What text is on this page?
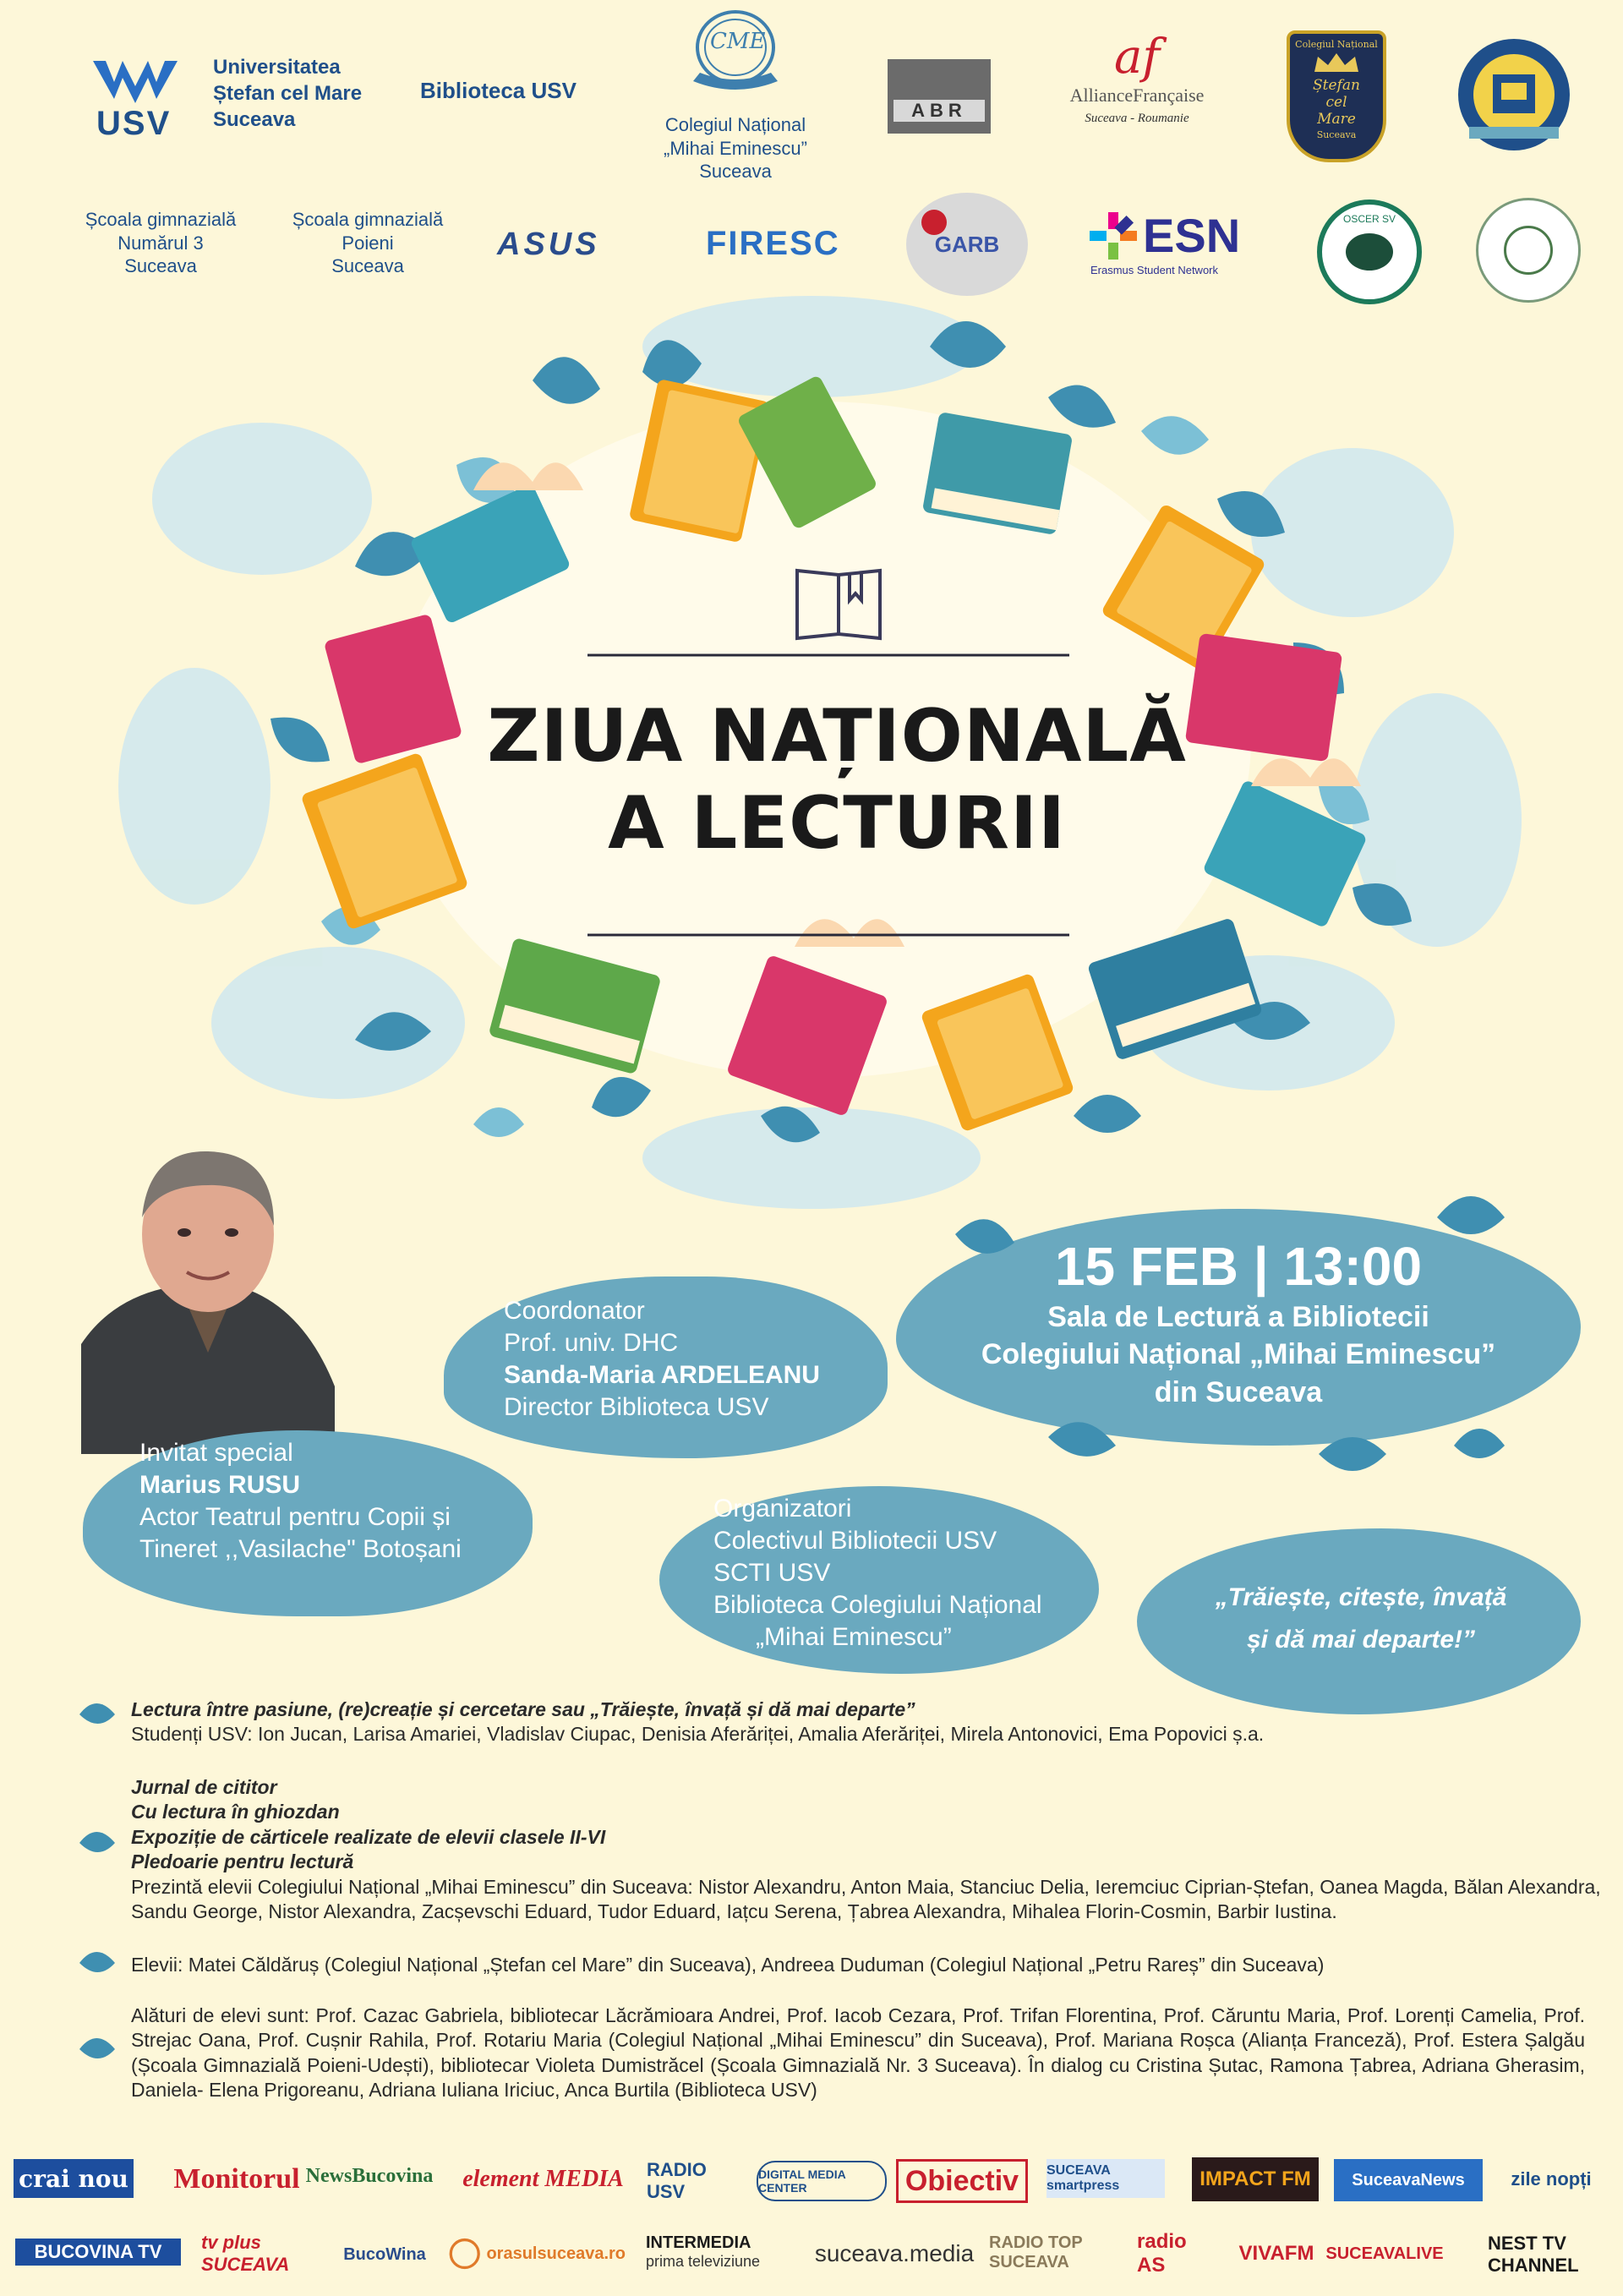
USV
Universitatea
Ștefan cel Mare
Suceava
Biblioteca USV
CME
Colegiul Național
„Mihai Eminescu”
Suceava
ABR
af
AllianceFrançaise
Suceava - Roumanie
Colegiul Național
Ștefan
cel
Mare
Suceava
Școala gimnazială
Numărul 3
Suceava
Școala gimnazială
Poieni
Suceava
ASUS	FIRESC	GARB	ESN
Erasmus Student Network
OSCER SV
ZIUA NAȚIONALĂ
A LECTURII
Coordonator
Prof. univ. DHC
Sanda-Maria ARDELEANU
Director Biblioteca USV
15 FEB | 13:00
Sala de Lectură a Bibliotecii
Colegiului Național „Mihai Eminescu”
din Suceava
Invitat special
Marius RUSU
Actor Teatrul pentru Copii și
Tineret ,,Vasilache" Botoșani
Organizatori
Colectivul Bibliotecii USV
SCTI USV
Biblioteca Colegiului Național
„Mihai Eminescu”
„Trăiește, citește, învață
și dă mai departe!”
Lectura între pasiune, (re)creație și cercetare sau „Trăiește, învață și dă mai departe”
Studenți USV: Ion Jucan, Larisa Amariei, Vladislav Ciupac, Denisia Aferăriței, Amalia Aferăriței, Mirela Antonovici, Ema Popovici ș.a.
Jurnal de cititor
Cu lectura în ghiozdan
Expoziție de cărticele realizate de elevii clasele II-VI
Pledoarie pentru lectură
Prezintă elevii Colegiului Național „Mihai Eminescu” din Suceava: Nistor Alexandru, Anton Maia, Stanciuc Delia, Ieremciuc Ciprian-Ștefan, Oanea Magda, Bălan Alexandra, Sandu George, Nistor Alexandra, Zacșevschi Eduard, Tudor Eduard, Iațcu Serena, Țabrea Alexandra, Mihalea Florin-Cosmin, Barbir Iustina.
Elevii: Matei Căldăruș (Colegiul Național „Ștefan cel Mare” din Suceava), Andreea Duduman (Colegiul Național „Petru Rareș” din Suceava)
Alături de elevi sunt: Prof. Cazac Gabriela, bibliotecar Lăcrămioara Andrei, Prof. Iacob Cezara, Prof. Trifan Florentina, Prof. Căruntu Maria, Prof. Lorenți Camelia, Prof. Strejac Oana, Prof. Cușnir Rahila, Prof. Rotariu Maria (Colegiul Național „Mihai Eminescu” din Suceava), Prof. Mariana Roșca (Alianța Franceză), Prof. Estera Șalgău (Școala Gimnazială Poieni-Udești), bibliotecar Violeta Dumistrăcel (Școala Gimnazială Nr. 3 Suceava). În dialog cu Cristina Șutac, Ramona Țabrea, Adriana Gherasim, Daniela- Elena Prigoreanu, Adriana Iuliana Iriciuc, Anca Burtila (Biblioteca USV)
crai nou Monitorul NewsBucovina element MEDIA RADIO USV
DIGITAL MEDIA CENTER	Obiectiv SUCEAVA smartpress	IMPACT FM SuceavaNews zile nopți
BUCOVINA TV tv plus SUCEAVA	BucoWina	orasulsuceava.ro
INTERMEDIA
prima televiziune	suceava.media RADIO TOP SUCEAVA
radio AS
VIVAFM SUCEAVALIVE NEST TV CHANNEL
